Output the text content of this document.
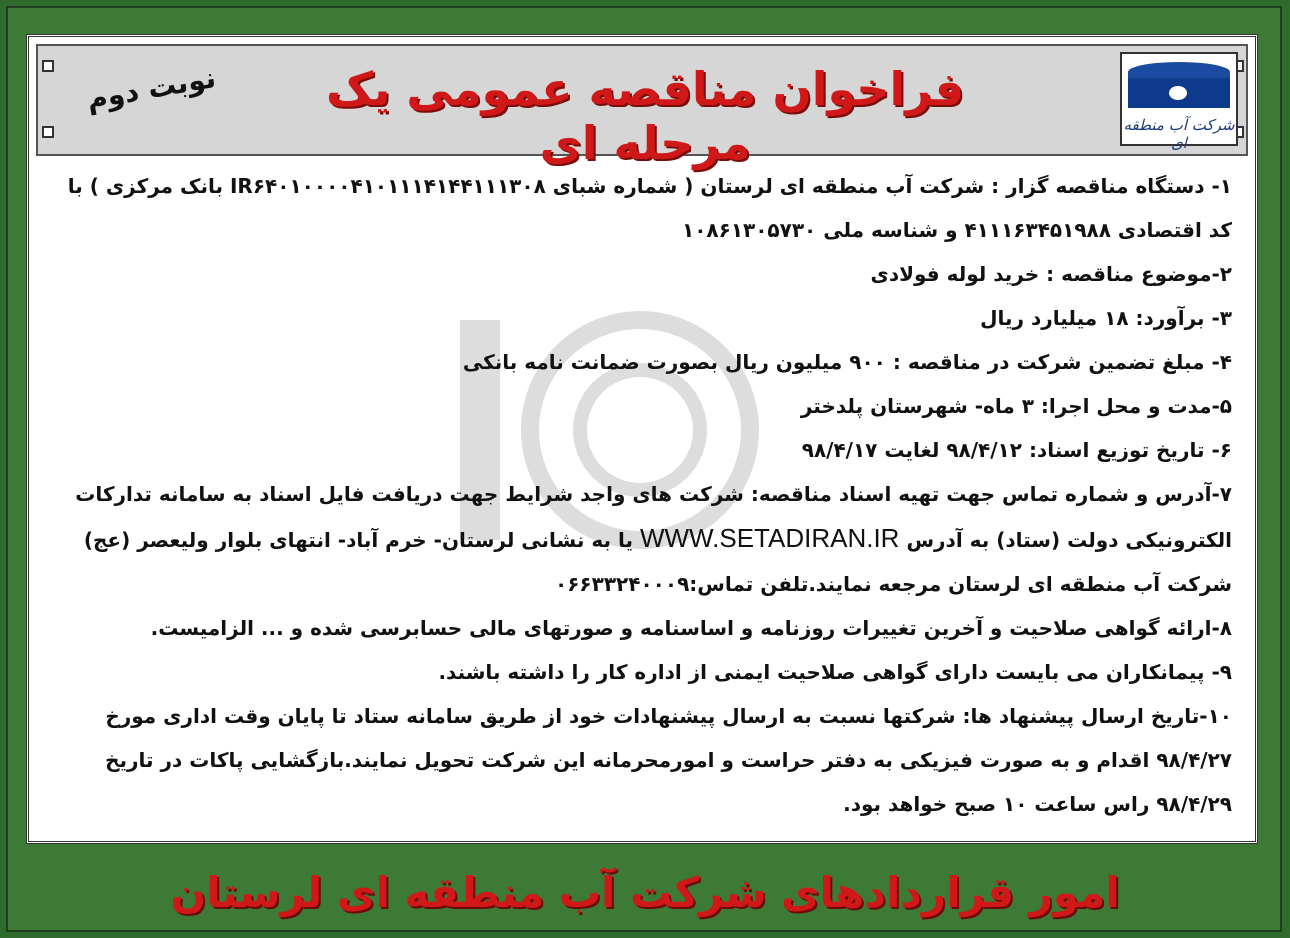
شرکت آب منطقه ای
فراخوان مناقصه عمومی یک مرحله ای
نوبت دوم

۱- دستگاه مناقصه گزار : شرکت آب منطقه ای لرستان ( شماره شبای IR۶۴۰۱۰۰۰۰۴۱۰۱۱۱۴۱۴۴۱۱۱۳۰۸ بانک مرکزی ) با کد اقتصادی ۴۱۱۱۶۳۴۵۱۹۸۸ و شناسه ملی ۱۰۸۶۱۳۰۵۷۳۰

۲-موضوع مناقصه : خرید لوله فولادی

۳- برآورد: ۱۸ میلیارد ریال

۴- مبلغ تضمین شرکت در مناقصه : ۹۰۰ میلیون ریال بصورت ضمانت نامه بانکی

۵-مدت و محل اجرا: ۳ ماه- شهرستان پلدختر

۶- تاریخ توزیع اسناد: ۹۸/۴/۱۲ لغایت ۹۸/۴/۱۷

۷-آدرس و شماره تماس جهت تهیه اسناد مناقصه: شرکت های واجد شرایط جهت دریافت فایل اسناد به سامانه تدارکات الکترونیکی دولت (ستاد) به آدرس WWW.SETADIRAN.IR یا به نشانی لرستان- خرم آباد- انتهای بلوار ولیعصر (عج) شرکت آب منطقه ای لرستان مرجعه نمایند.تلفن تماس:۰۶۶۳۳۲۴۰۰۰۹

۸-ارائه گواهی صلاحیت و آخرین تغییرات روزنامه و اساسنامه و صورتهای مالی حسابرسی شده و ... الزامیست.

۹- پیمانکاران می بایست دارای گواهی صلاحیت ایمنی از اداره کار را داشته باشند.

۱۰-تاریخ ارسال پیشنهاد ها: شرکتها نسبت به ارسال پیشنهادات خود از طریق سامانه ستاد تا پایان وقت اداری مورخ ۹۸/۴/۲۷ اقدام و به صورت فیزیکی به دفتر حراست و امورمحرمانه این شرکت تحویل نمایند.بازگشایی پاکات در تاریخ ۹۸/۴/۲۹ راس ساعت ۱۰ صبح خواهد بود.

امور قراردادهای شرکت آب منطقه ای لرستان
